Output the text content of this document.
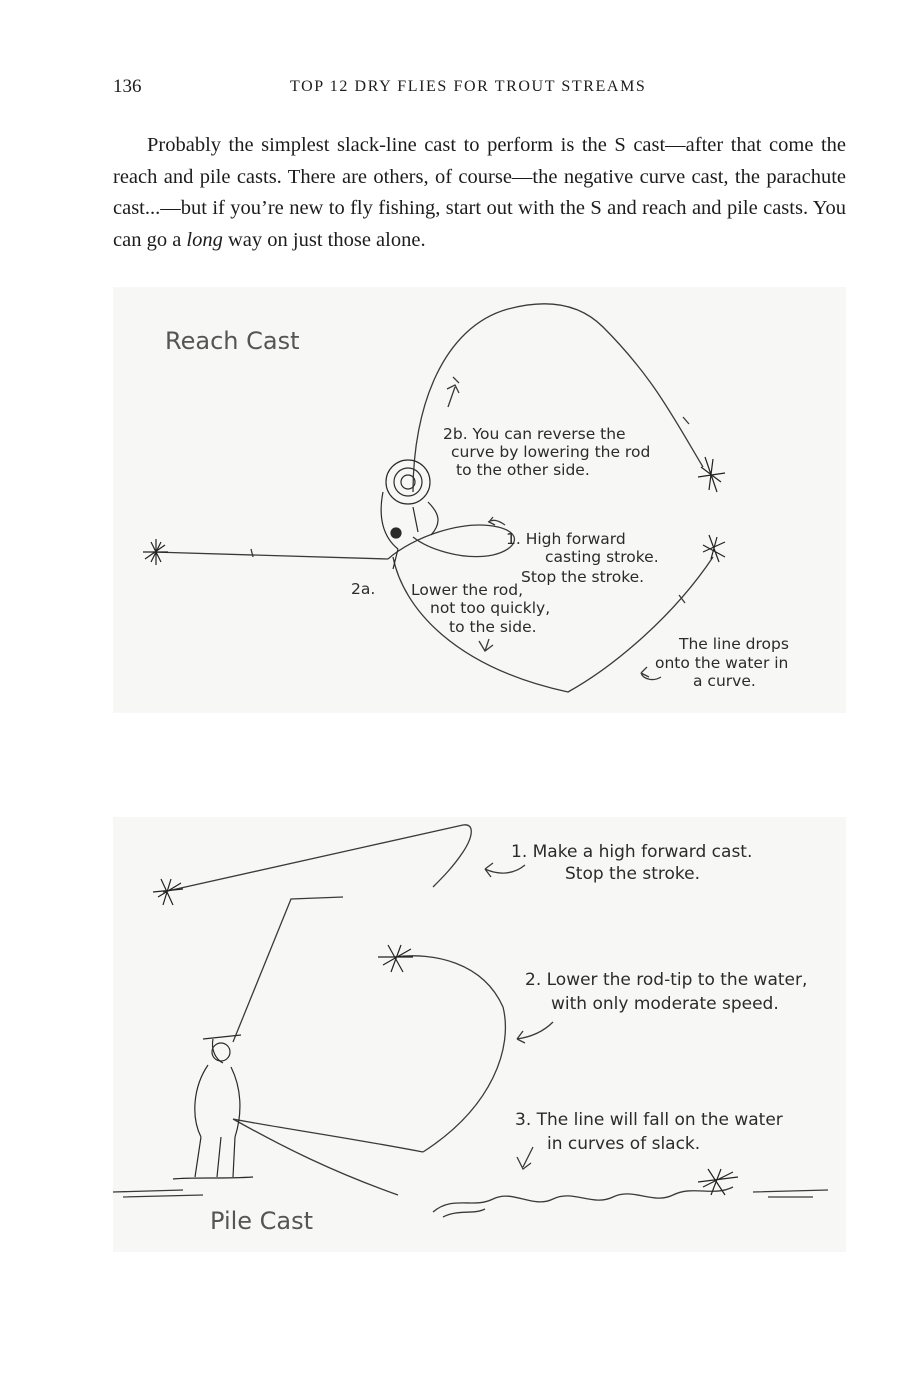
136	TOP 12 DRY FLIES FOR TROUT STREAMS

Probably the simplest slack-line cast to perform is the S cast—after that come the reach and pile casts. There are others, of course—the negative curve cast, the parachute cast...—but if you’re new to fly fishing, start out with the S and reach and pile casts. You can go a long way on just those alone.

Reach Cast
2b. You can reverse the
curve by lowering the rod
to the other side.
1. High forward
casting stroke.
Stop the stroke.
2a. Lower the rod,
not too quickly,
to the side.
The line drops
onto the water in
a curve.
Pile Cast
1. Make a high forward cast.
Stop the stroke.
2. Lower the rod-tip to the water,
with only moderate speed.
3. The line will fall on the water
in curves of slack.
